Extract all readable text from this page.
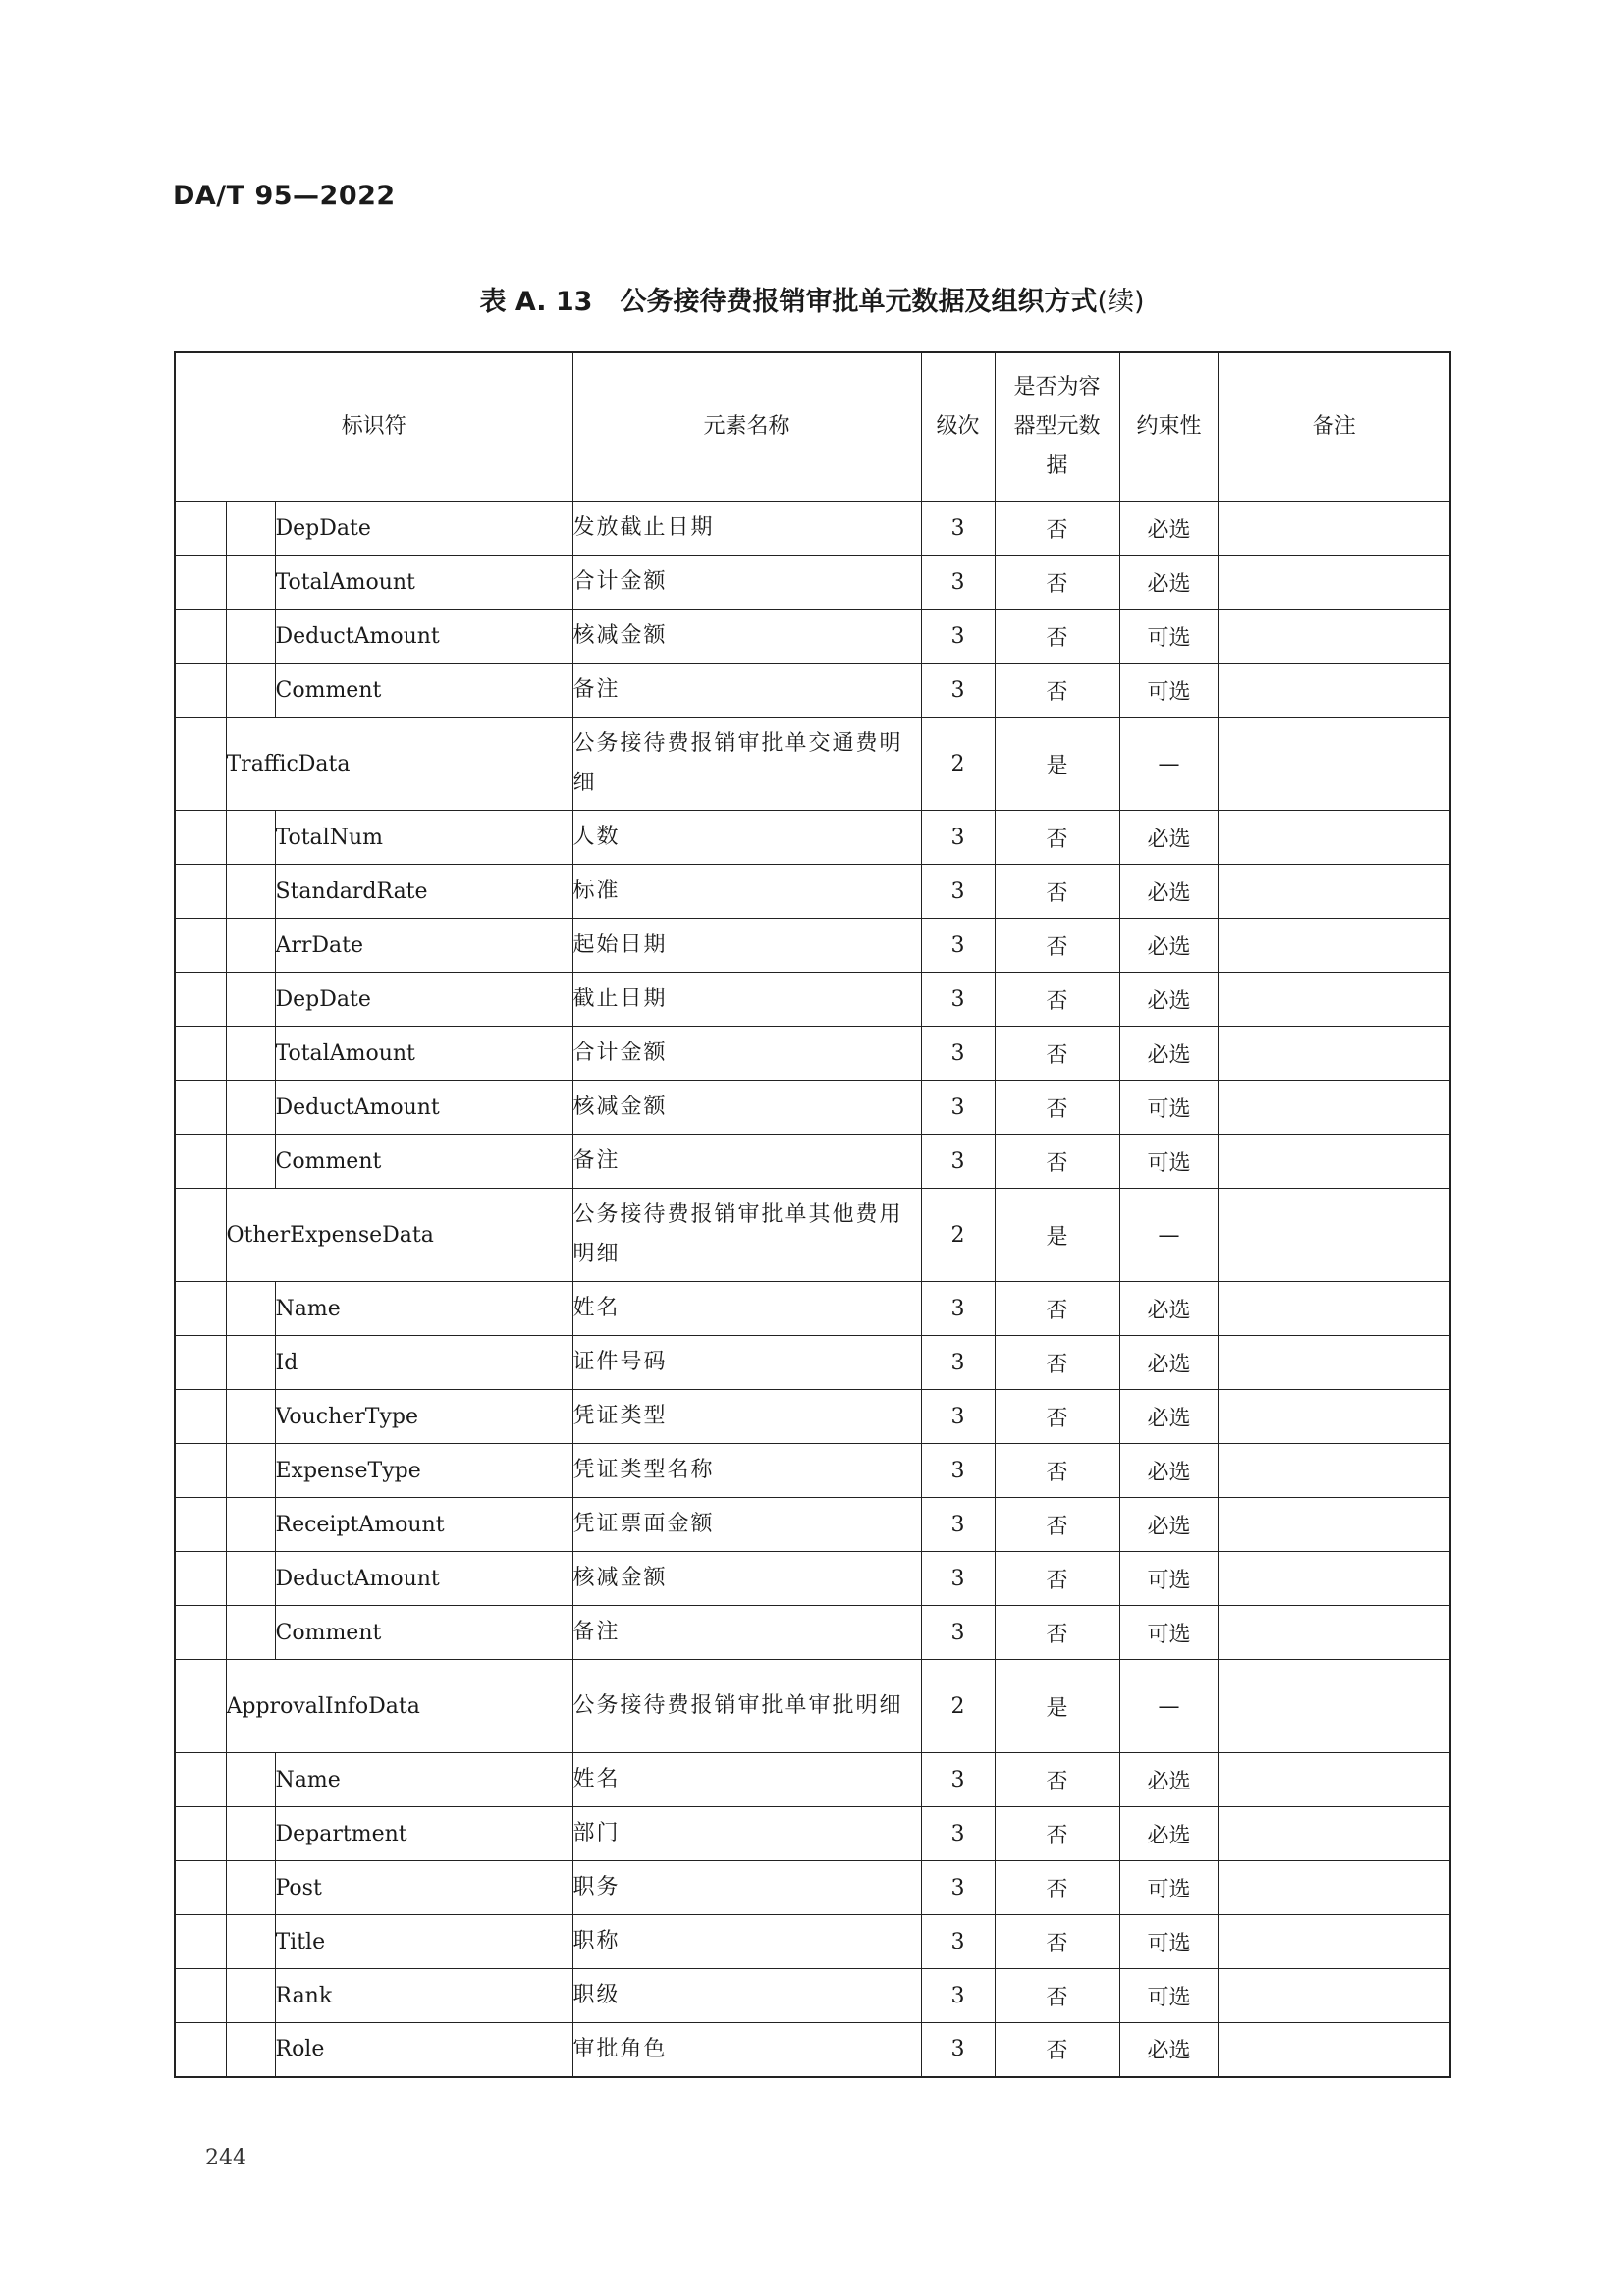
DA/T 95—2022
表 A. 13 公务接待费报销审批单元数据及组织方式(续)
标识符			元素名称	级次	是否为容器型元数据	约束性	备注
		DepDate	发放截止日期	3	否	必选	
		TotalAmount	合计金额	3	否	必选	
		DeductAmount	核减金额	3	否	可选	
		Comment	备注	3	否	可选	
	TrafficData		公务接待费报销审批单交通费明细	2	是	—	
		TotalNum	人数	3	否	必选	
		StandardRate	标准	3	否	必选	
		ArrDate	起始日期	3	否	必选	
		DepDate	截止日期	3	否	必选	
		TotalAmount	合计金额	3	否	必选	
		DeductAmount	核减金额	3	否	可选	
		Comment	备注	3	否	可选	
	OtherExpenseData		公务接待费报销审批单其他费用明细	2	是	—	
		Name	姓名	3	否	必选	
		Id	证件号码	3	否	必选	
		VoucherType	凭证类型	3	否	必选	
		ExpenseType	凭证类型名称	3	否	必选	
		ReceiptAmount	凭证票面金额	3	否	必选	
		DeductAmount	核减金额	3	否	可选	
		Comment	备注	3	否	可选	
	ApprovalInfoData		公务接待费报销审批单审批明细	2	是	—	
		Name	姓名	3	否	必选	
		Department	部门	3	否	必选	
		Post	职务	3	否	可选	
		Title	职称	3	否	可选	
		Rank	职级	3	否	可选	
		Role	审批角色	3	否	必选	
244
